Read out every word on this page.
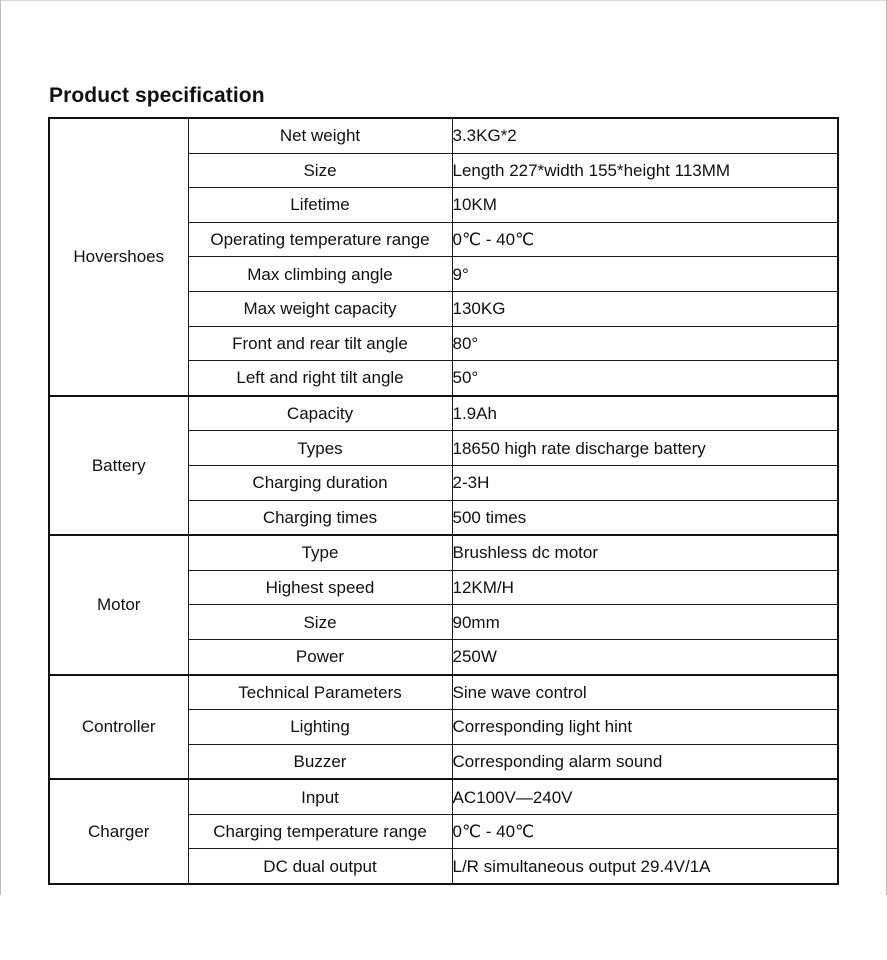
Product specification
Hovershoes	Net weight	3.3KG*2
	Size	Length 227*width 155*height 113MM
	Lifetime	10KM
	Operating temperature range	0℃ - 40℃
	Max climbing angle	9°
	Max weight capacity	130KG
	Front and rear tilt angle	80°
	Left and right tilt angle	50°
Battery	Capacity	1.9Ah
	Types	18650 high rate discharge battery
	Charging duration	2-3H
	Charging times	500 times
Motor	Type	Brushless dc motor
	Highest speed	12KM/H
	Size	90mm
	Power	250W
Controller	Technical Parameters	Sine wave control
	Lighting	Corresponding light hint
	Buzzer	Corresponding alarm sound
Charger	Input	AC100V—240V
	Charging temperature range	0℃ - 40℃
	DC dual output	L/R simultaneous output 29.4V/1A
